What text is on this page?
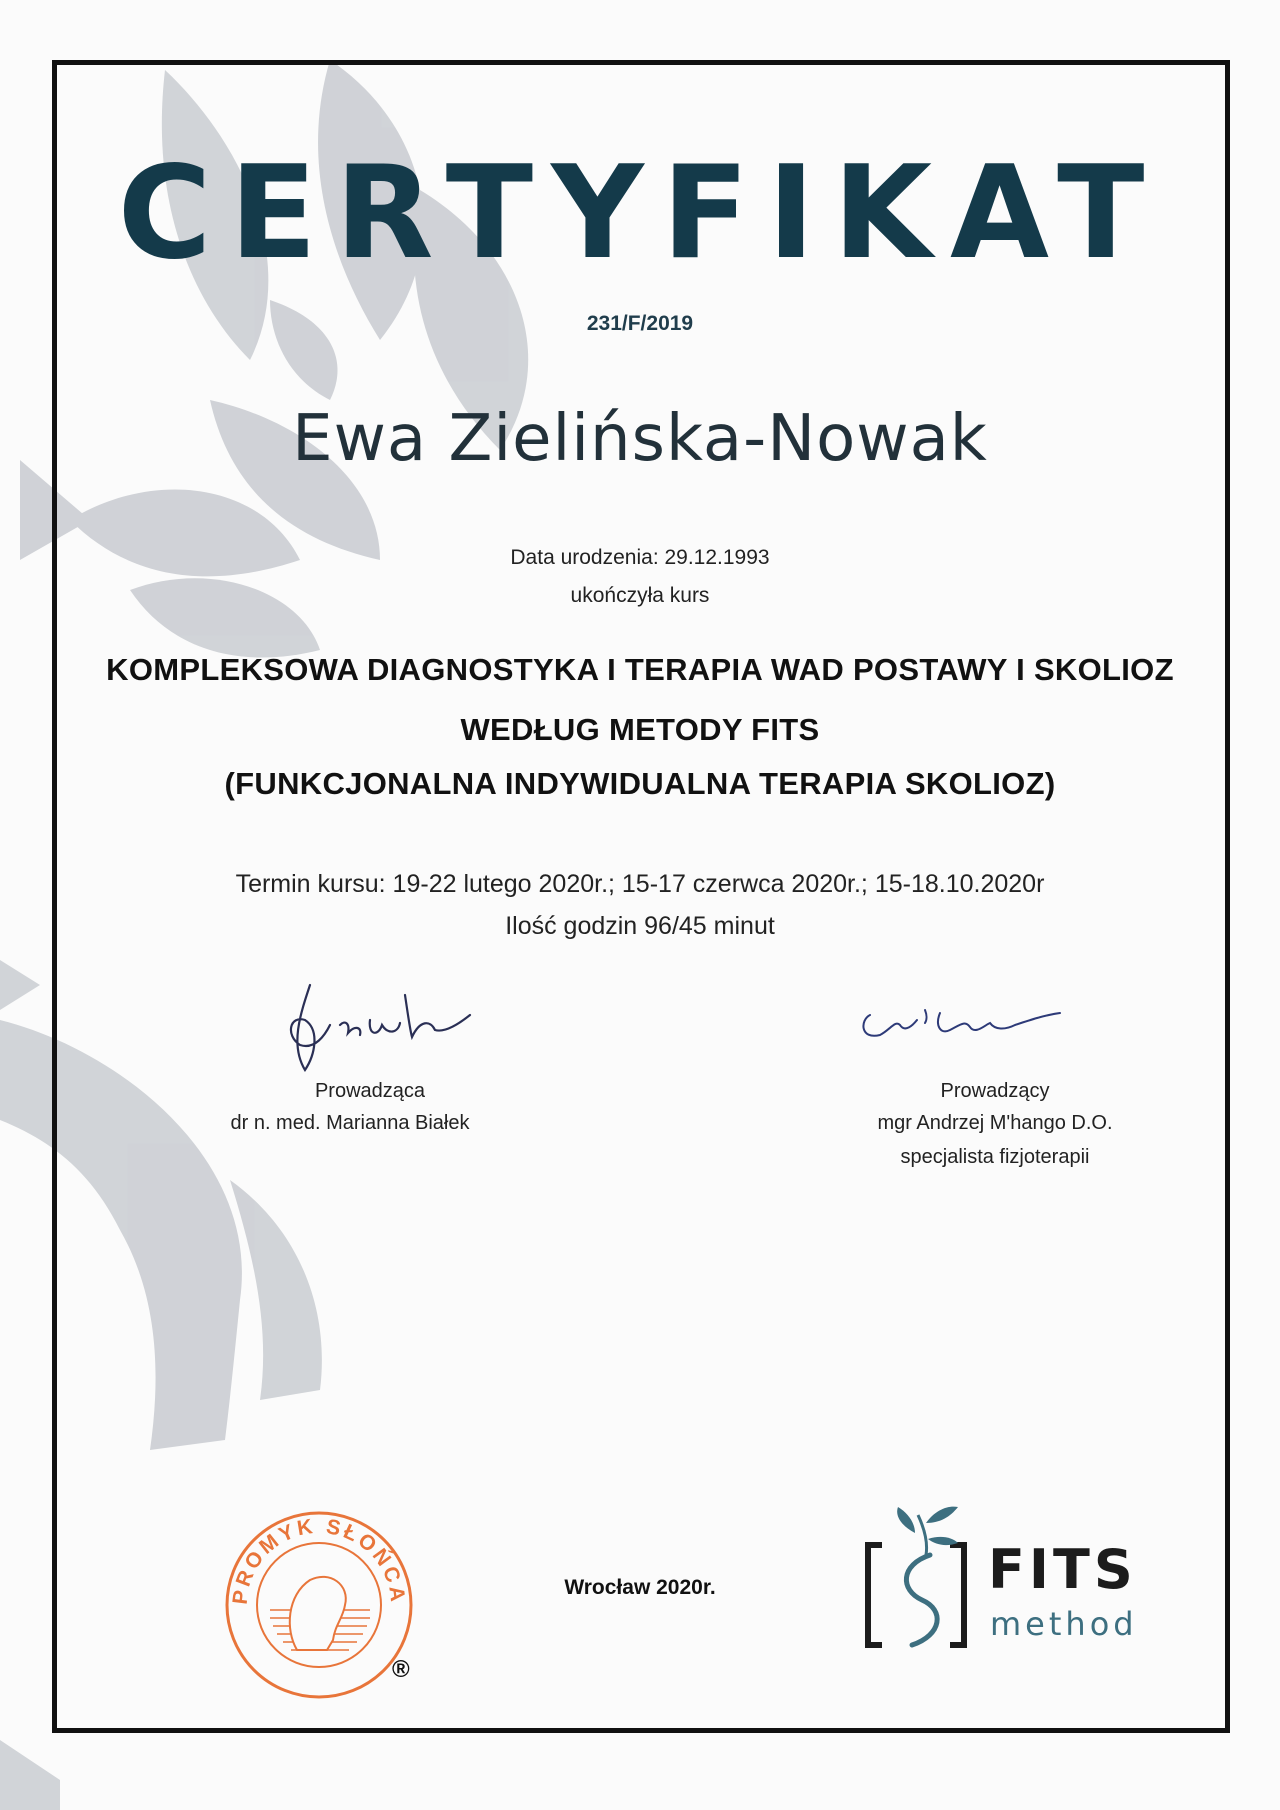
CERTYFIKAT
231/F/2019
Ewa Zielińska-Nowak
Data urodzenia: 29.12.1993
ukończyła kurs
KOMPLEKSOWA DIAGNOSTYKA I TERAPIA WAD POSTAWY I SKOLIOZ
WEDŁUG METODY FITS
(FUNKCJONALNA INDYWIDUALNA TERAPIA SKOLIOZ)
Termin kursu: 19-22 lutego 2020r.; 15-17 czerwca 2020r.; 15-18.10.2020r
Ilość godzin 96/45 minut
Prowadząca
dr n. med. Marianna Białek
Prowadzący
mgr Andrzej M'hango D.O.
specjalista fizjoterapii
PROMYK SŁOŃCA
®
Wrocław 2020r.	FITS
method
